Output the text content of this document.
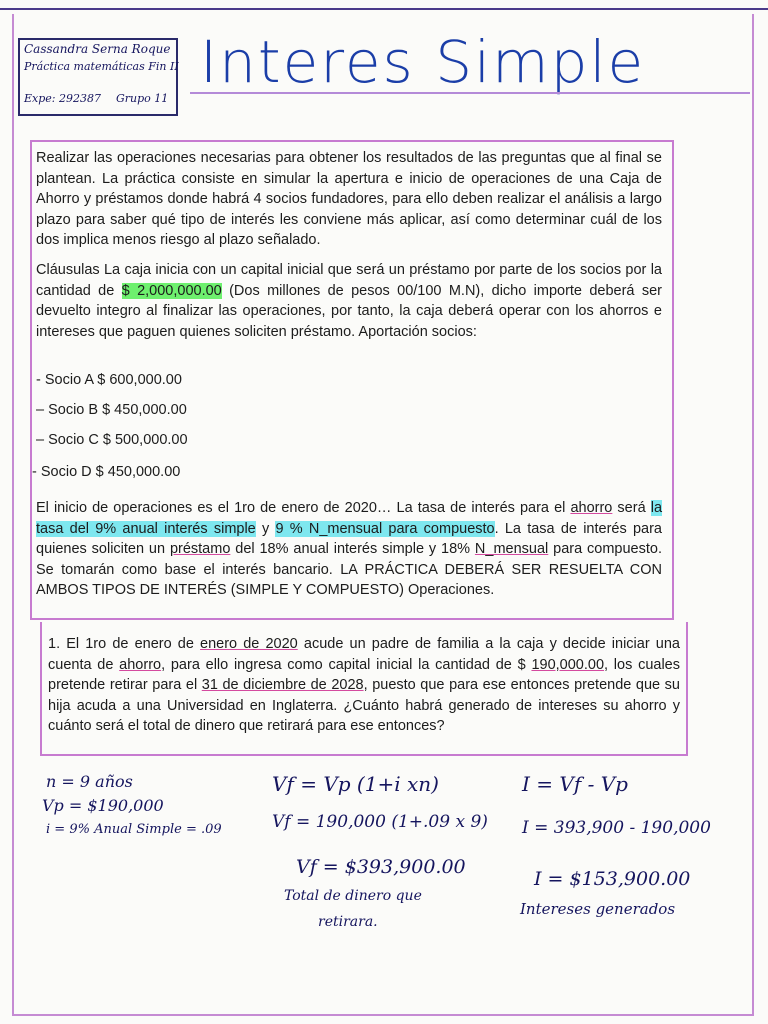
Cassandra Serna Roque
Práctica matemáticas Fin II
Expe: 292387 Grupo 11
Interes Simple
Realizar las operaciones necesarias para obtener los resultados de las preguntas que al final se plantean. La práctica consiste en simular la apertura e inicio de operaciones de una Caja de Ahorro y préstamos donde habrá 4 socios fundadores, para ello deben realizar el análisis a largo plazo para saber qué tipo de interés les conviene más aplicar, así como determinar cuál de los dos implica menos riesgo al plazo señalado.
Cláusulas La caja inicia con un capital inicial que será un préstamo por parte de los socios por la cantidad de $ 2,000,000.00 (Dos millones de pesos 00/100 M.N), dicho importe deberá ser devuelto integro al finalizar las operaciones, por tanto, la caja deberá operar con los ahorros e intereses que paguen quienes soliciten préstamo. Aportación socios:
- Socio A $ 600,000.00
– Socio B $ 450,000.00
– Socio C $ 500,000.00
- Socio D $ 450,000.00
El inicio de operaciones es el 1ro de enero de 2020… La tasa de interés para el ahorro será la tasa del 9% anual interés simple y 9 % N_mensual para compuesto. La tasa de interés para quienes soliciten un préstamo del 18% anual interés simple y 18% N_mensual para compuesto. Se tomarán como base el interés bancario. LA PRÁCTICA DEBERÁ SER RESUELTA CON AMBOS TIPOS DE INTERÉS (SIMPLE Y COMPUESTO) Operaciones.
1. El 1ro de enero de enero de 2020 acude un padre de familia a la caja y decide iniciar una cuenta de ahorro, para ello ingresa como capital inicial la cantidad de $ 190,000.00, los cuales pretende retirar para el 31 de diciembre de 2028, puesto que para ese entonces pretende que su hija acuda a una Universidad en Inglaterra. ¿Cuánto habrá generado de intereses su ahorro y cuánto será el total de dinero que retirará para ese entonces?
n = 9 años
Vp = $190,000
i = 9% Anual Simple = .09
Vf = Vp (1+i xn)
Vf = 190,000 (1+.09 x 9)
Vf = $393,900.00
Total de dinero que
retirara.
I = Vf - Vp
I = 393,900 - 190,000
I = $153,900.00
Intereses generados
